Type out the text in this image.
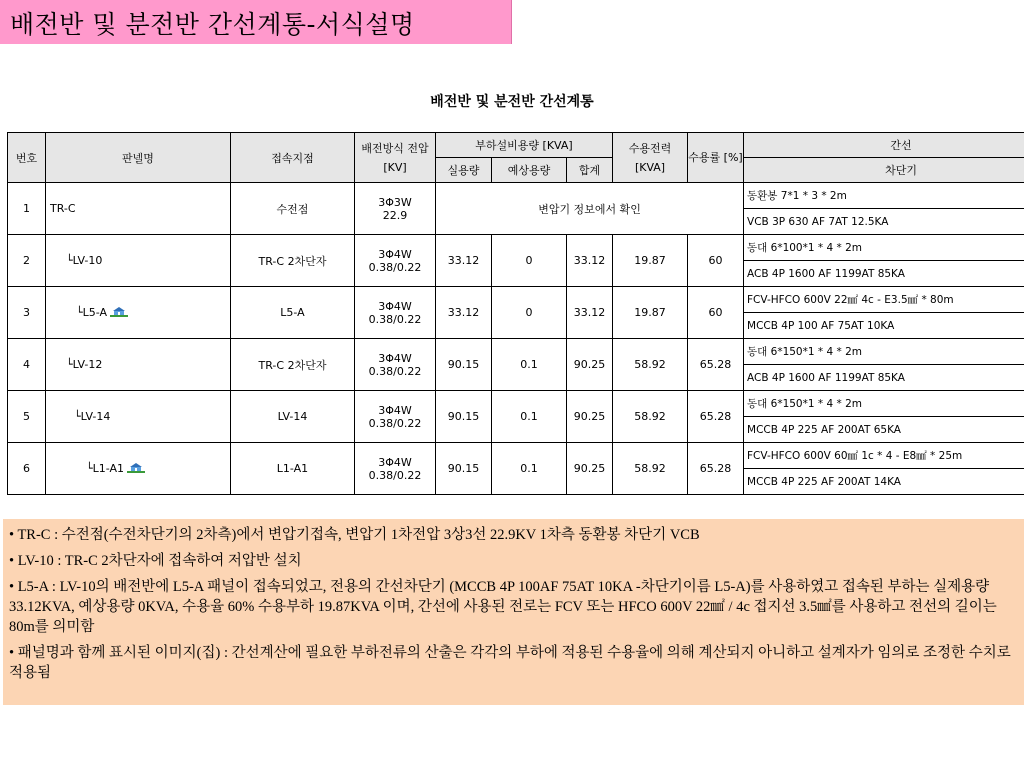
배전반 및 분전반 간선계통-서식설명
배전반 및 분전반 간선계통
번호	판넬명	접속지점	배전방식 전압[KV]	부하설비용량 [KVA]			수용전력 [KVA]	수용률 [%]	간선
				실용량	예상용량	합계			차단기
1	TR-C	수전점	3Φ3W
22.9	변압기 정보에서 확인					동환봉 7*1 * 3 * 2m
									VCB 3P 630 AF 7AT 12.5KA
2	└LV-10	TR-C 2차단자	3Φ4W
0.38/0.22	33.12	0	33.12	19.87	60	동대 6*100*1 * 4 * 2m
									ACB 4P 1600 AF 1199AT 85KA
3	└L5-A	L5-A	3Φ4W
0.38/0.22	33.12	0	33.12	19.87	60	FCV-HFCO 600V 22㎟ 4c - E3.5㎟ * 80m
									MCCB 4P 100 AF 75AT 10KA
4	└LV-12	TR-C 2차단자	3Φ4W
0.38/0.22	90.15	0.1	90.25	58.92	65.28	동대 6*150*1 * 4 * 2m
									ACB 4P 1600 AF 1199AT 85KA
5	└LV-14	LV-14	3Φ4W
0.38/0.22	90.15	0.1	90.25	58.92	65.28	동대 6*150*1 * 4 * 2m
									MCCB 4P 225 AF 200AT 65KA
6	└L1-A1	L1-A1	3Φ4W
0.38/0.22	90.15	0.1	90.25	58.92	65.28	FCV-HFCO 600V 60㎟ 1c * 4 - E8㎟ * 25m
									MCCB 4P 225 AF 200AT 14KA

• TR-C : 수전점(수전차단기의 2차측)에서 변압기접속, 변압기 1차전압 3상3선 22.9KV 1차측 동환봉 차단기 VCB

• LV-10 : TR-C 2차단자에 접속하여 저압반 설치

• L5-A : LV-10의 배전반에 L5-A 패널이 접속되었고, 전용의 간선차단기 (MCCB 4P 100AF 75AT 10KA -차단기이름 L5-A)를 사용하였고 접속된 부하는 실제용량 33.12KVA, 예상용량 0KVA, 수용율 60% 수용부하 19.87KVA 이며, 간선에 사용된 전로는 FCV 또는 HFCO 600V 22㎟ / 4c 접지선 3.5㎟를 사용하고 전선의 길이는 80m를 의미함

• 패널명과 함께 표시된 이미지(집) : 간선계산에 필요한 부하전류의 산출은 각각의 부하에 적용된 수용율에 의해 계산되지 아니하고 설계자가 임의로 조정한 수치로 적용됨
